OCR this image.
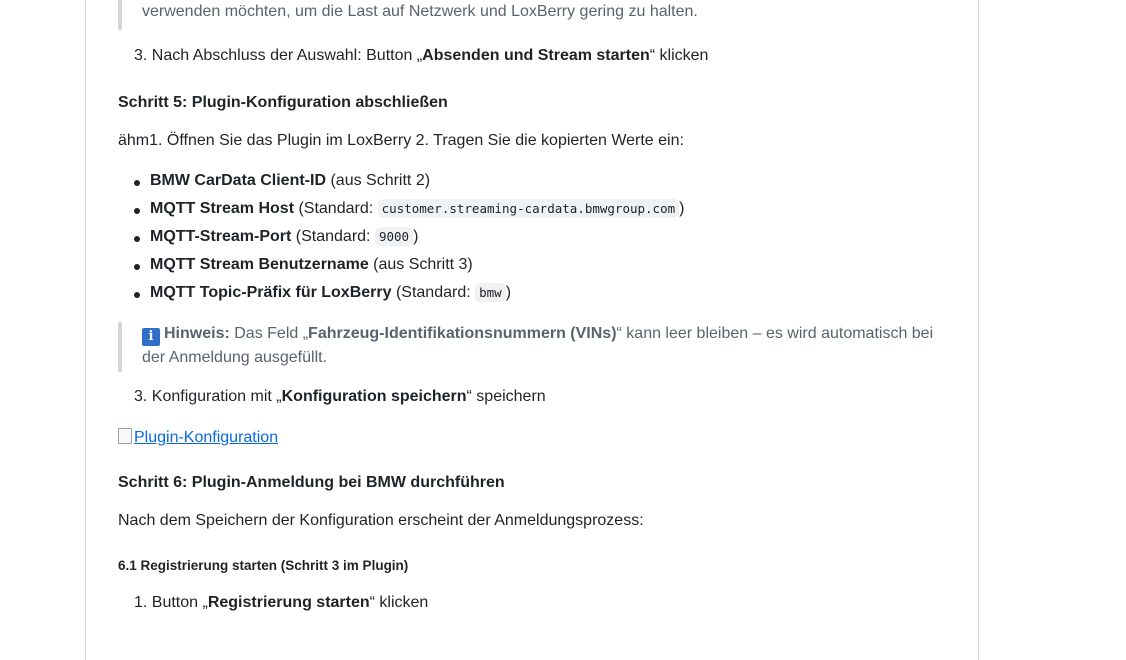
verwenden möchten, um die Last auf Netzwerk und LoxBerry gering zu halten.
3. Nach Abschluss der Auswahl: Button „Absenden und Stream starten“ klicken
Schritt 5: Plugin-Konfiguration abschließen
ähm1. Öffnen Sie das Plugin im LoxBerry 2. Tragen Sie die kopierten Werte ein:
BMW CarData Client-ID (aus Schritt 2)
MQTT Stream Host (Standard: customer.streaming-cardata.bmwgroup.com )
MQTT-Stream-Port (Standard: 9000 )
MQTT Stream Benutzername (aus Schritt 3)
MQTT Topic-Präfix für LoxBerry (Standard: bmw )
i Hinweis: Das Feld „Fahrzeug-Identifikationsnummern (VINs)“ kann leer bleiben – es wird automatisch bei
der Anmeldung ausgefüllt.
3. Konfiguration mit „Konfiguration speichern“ speichern
Plugin-Konfiguration
Schritt 6: Plugin-Anmeldung bei BMW durchführen
Nach dem Speichern der Konfiguration erscheint der Anmeldungsprozess:
6.1 Registrierung starten (Schritt 3 im Plugin)
1. Button „Registrierung starten“ klicken
